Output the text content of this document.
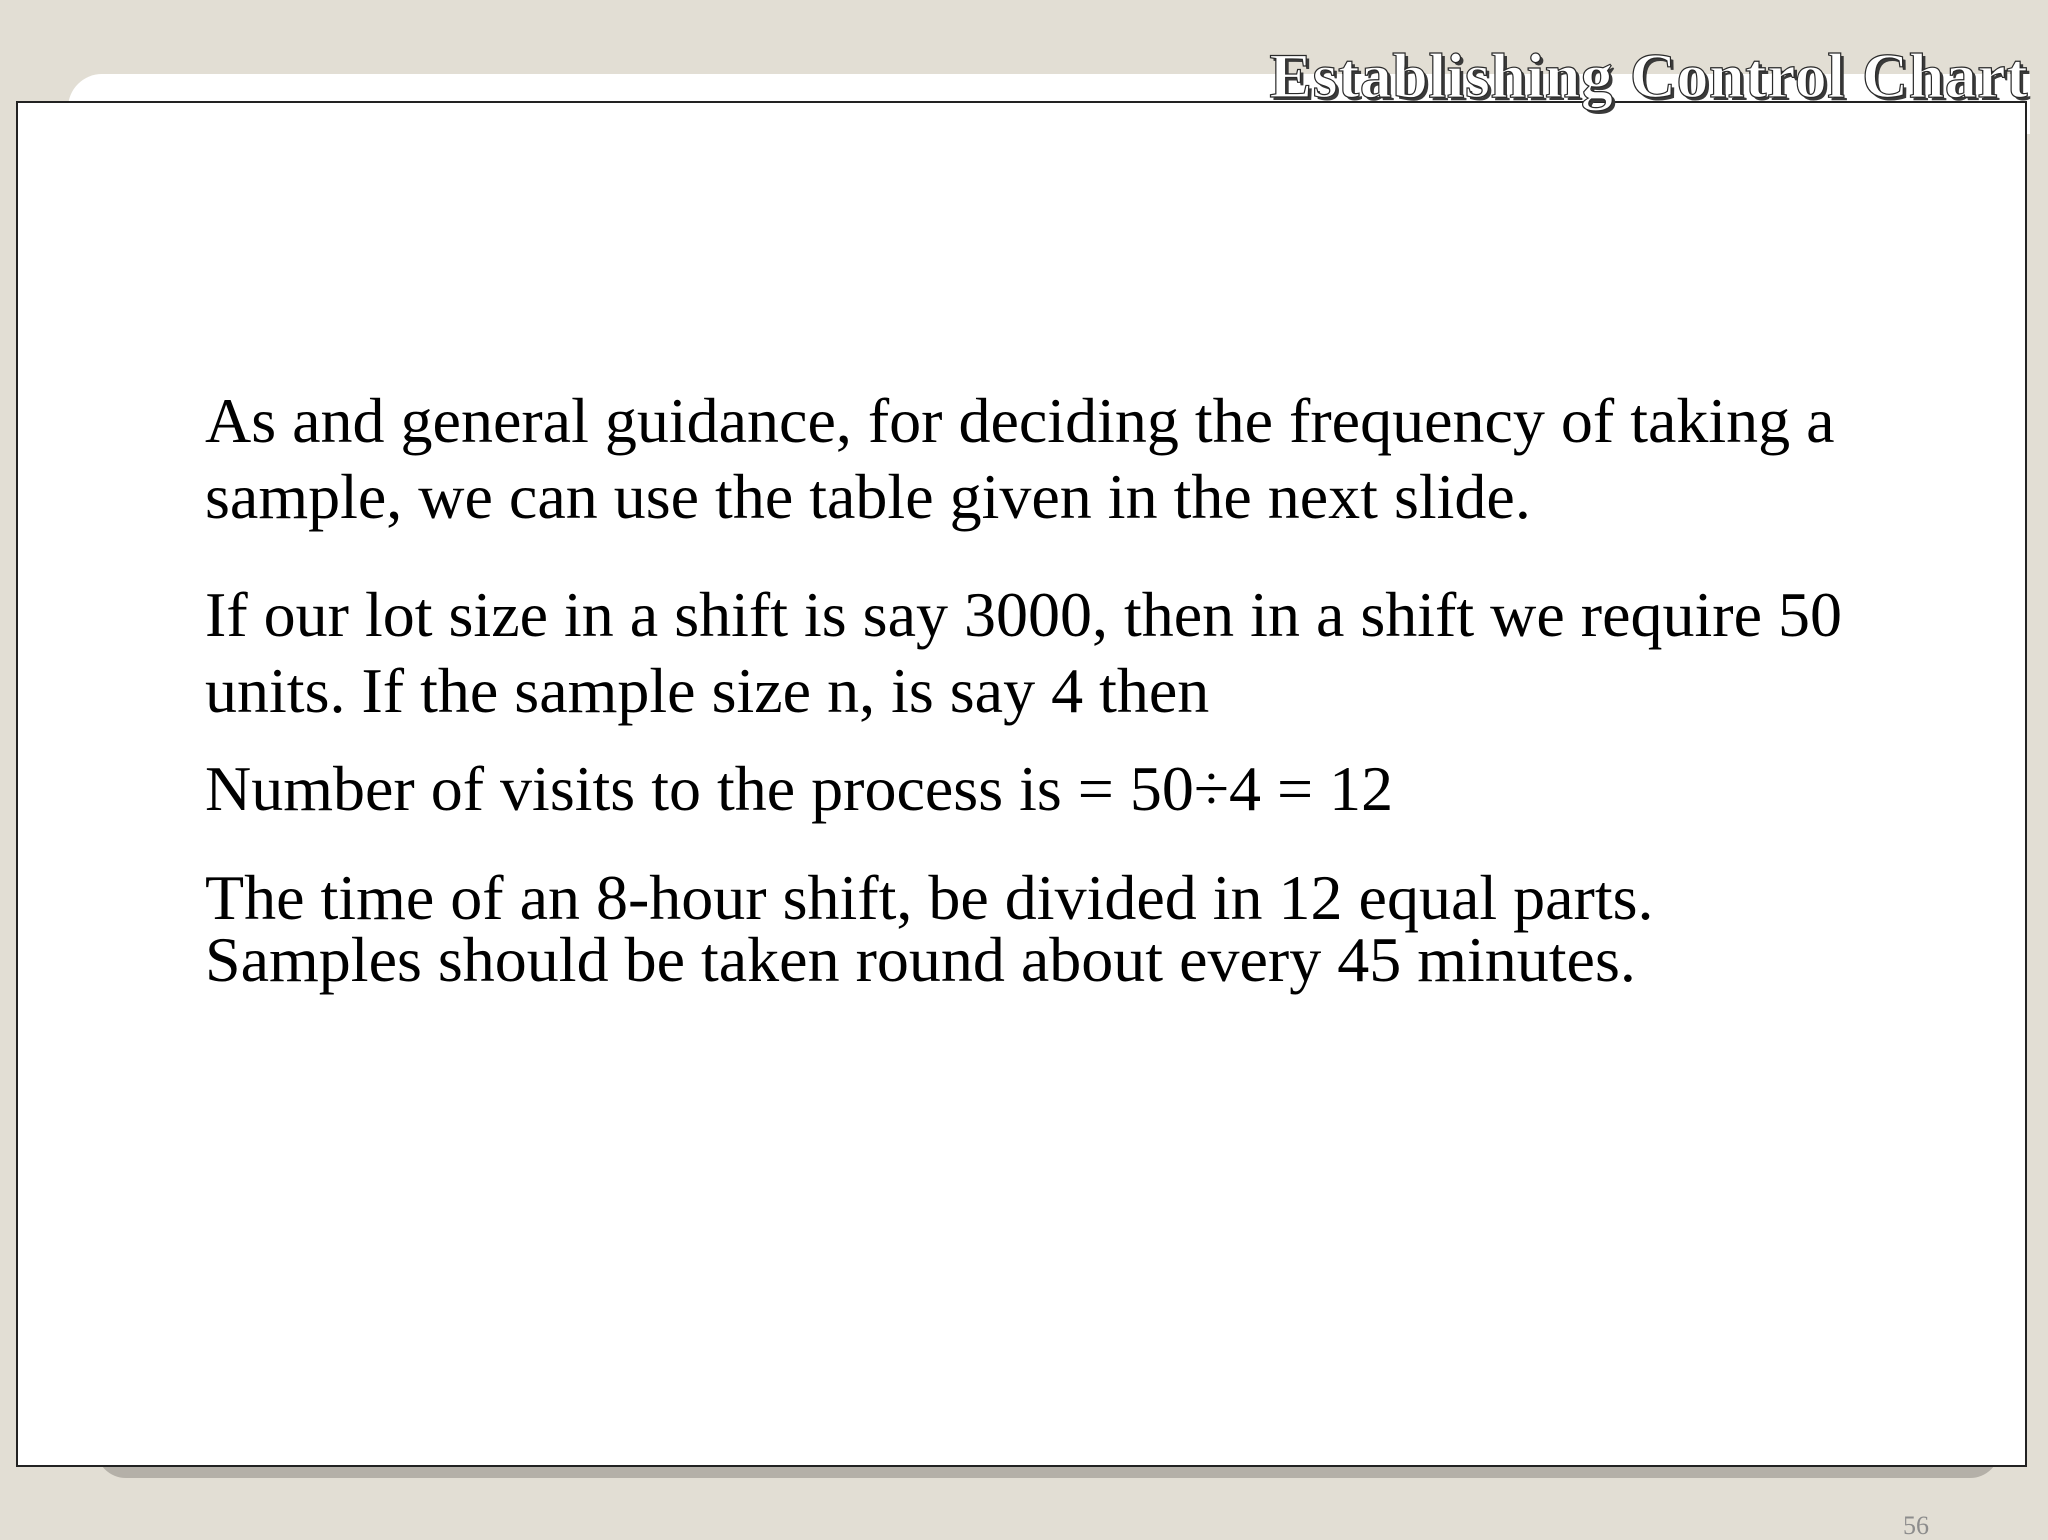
As and general guidance, for deciding the frequency of taking a
sample, we can use the table given in the next slide.

If our lot size in a shift is say 3000, then in a shift we require 50
units. If the sample size n, is say 4 then

Number of visits to the process is = 50÷4 = 12

The time of an 8-hour shift, be divided in 12 equal parts.
Samples should be taken round about every 45 minutes.

56
Establishing Control Chart
